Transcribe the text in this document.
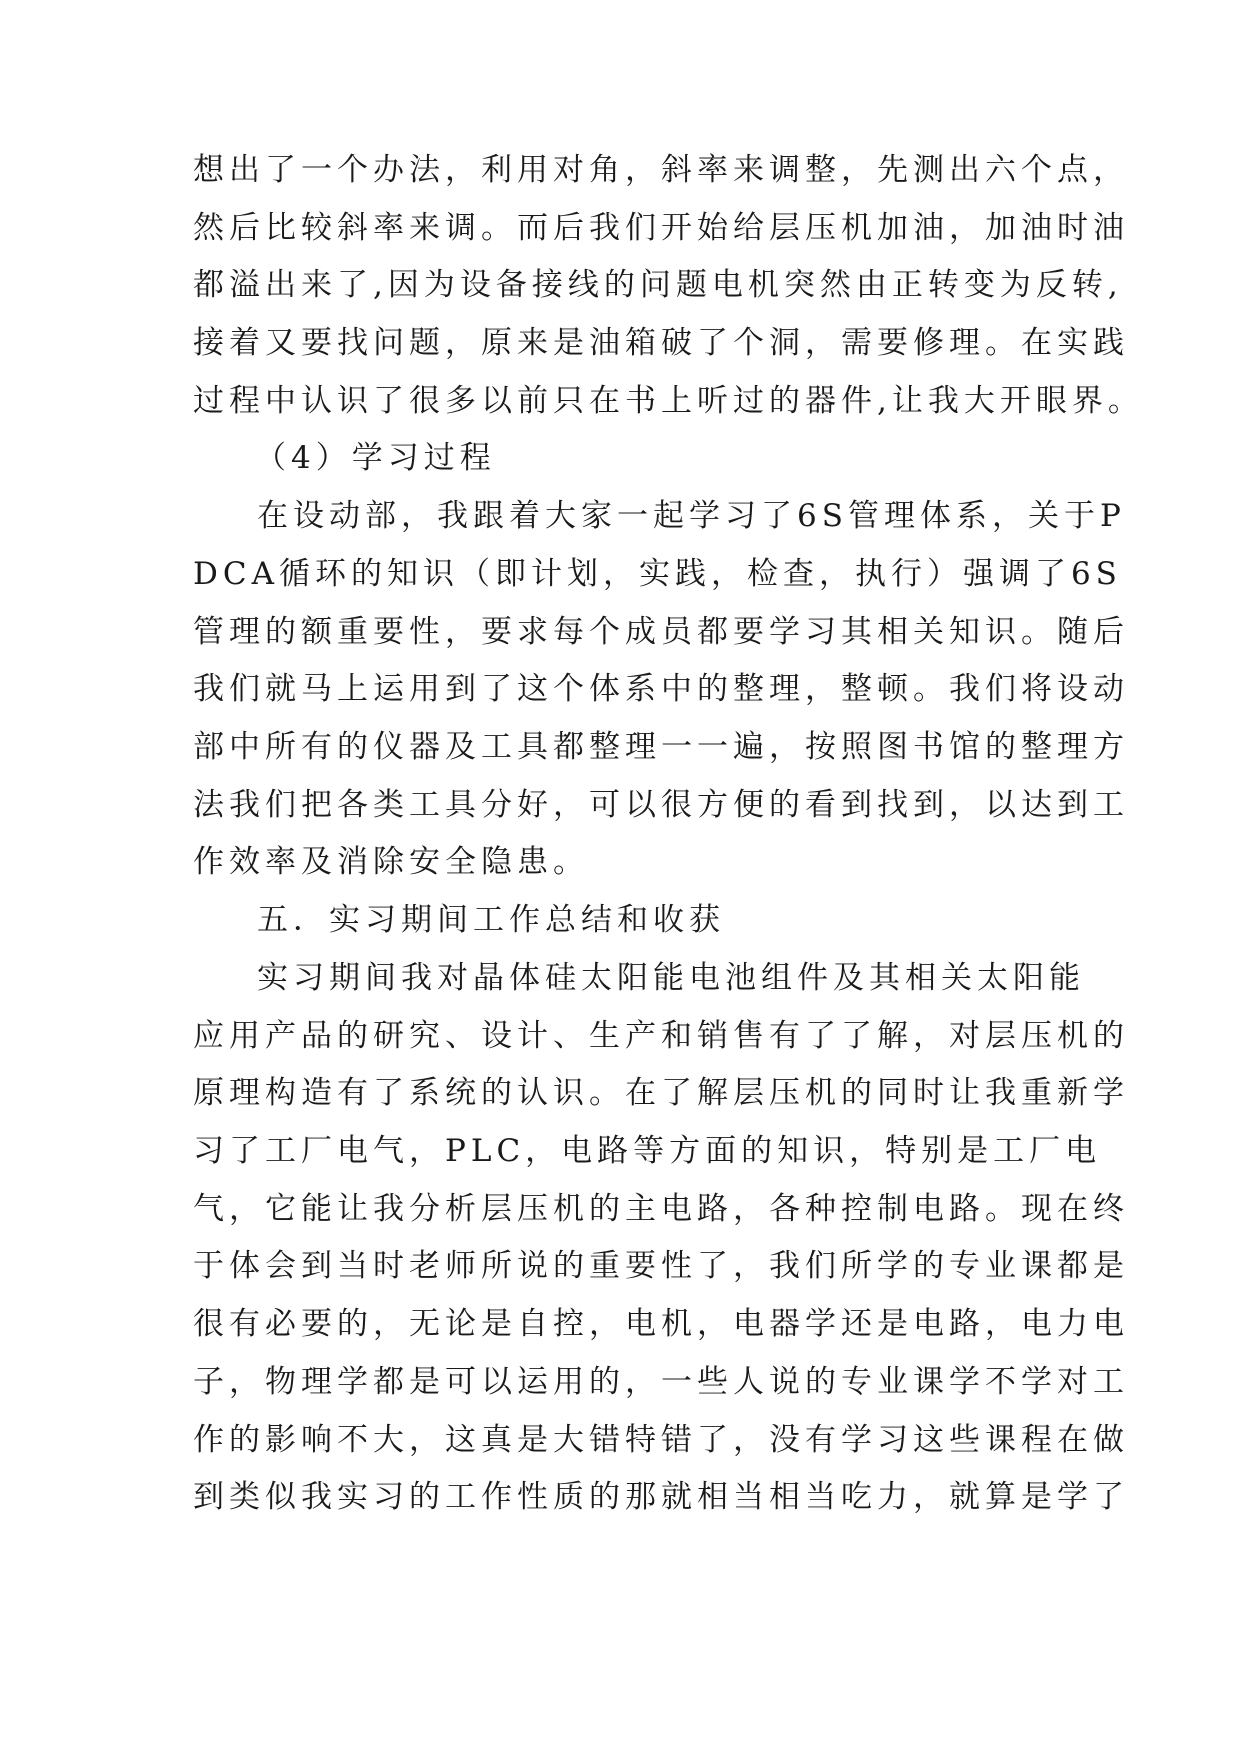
想出了一个办法，利用对角，斜率来调整，先测出六个点，
然后比较斜率来调。而后我们开始给层压机加油，加油时油
都溢出来了,因为设备接线的问题电机突然由正转变为反转,
接着又要找问题，原来是油箱破了个洞，需要修理。在实践
过程中认识了很多以前只在书上听过的器件,让我大开眼界。
（4）学习过程
在设动部，我跟着大家一起学习了6S管理体系，关于P
DCA循环的知识（即计划，实践，检查，执行）强调了6S
管理的额重要性，要求每个成员都要学习其相关知识。随后
我们就马上运用到了这个体系中的整理，整顿。我们将设动
部中所有的仪器及工具都整理一一遍，按照图书馆的整理方
法我们把各类工具分好，可以很方便的看到找到，以达到工
作效率及消除安全隐患。
五．实习期间工作总结和收获
实习期间我对晶体硅太阳能电池组件及其相关太阳能
应用产品的研究、设计、生产和销售有了了解，对层压机的
原理构造有了系统的认识。在了解层压机的同时让我重新学
习了工厂电气，PLC，电路等方面的知识，特别是工厂电
气，它能让我分析层压机的主电路，各种控制电路。现在终
于体会到当时老师所说的重要性了，我们所学的专业课都是
很有必要的，无论是自控，电机，电器学还是电路，电力电
子，物理学都是可以运用的，一些人说的专业课学不学对工
作的影响不大，这真是大错特错了，没有学习这些课程在做
到类似我实习的工作性质的那就相当相当吃力，就算是学了
